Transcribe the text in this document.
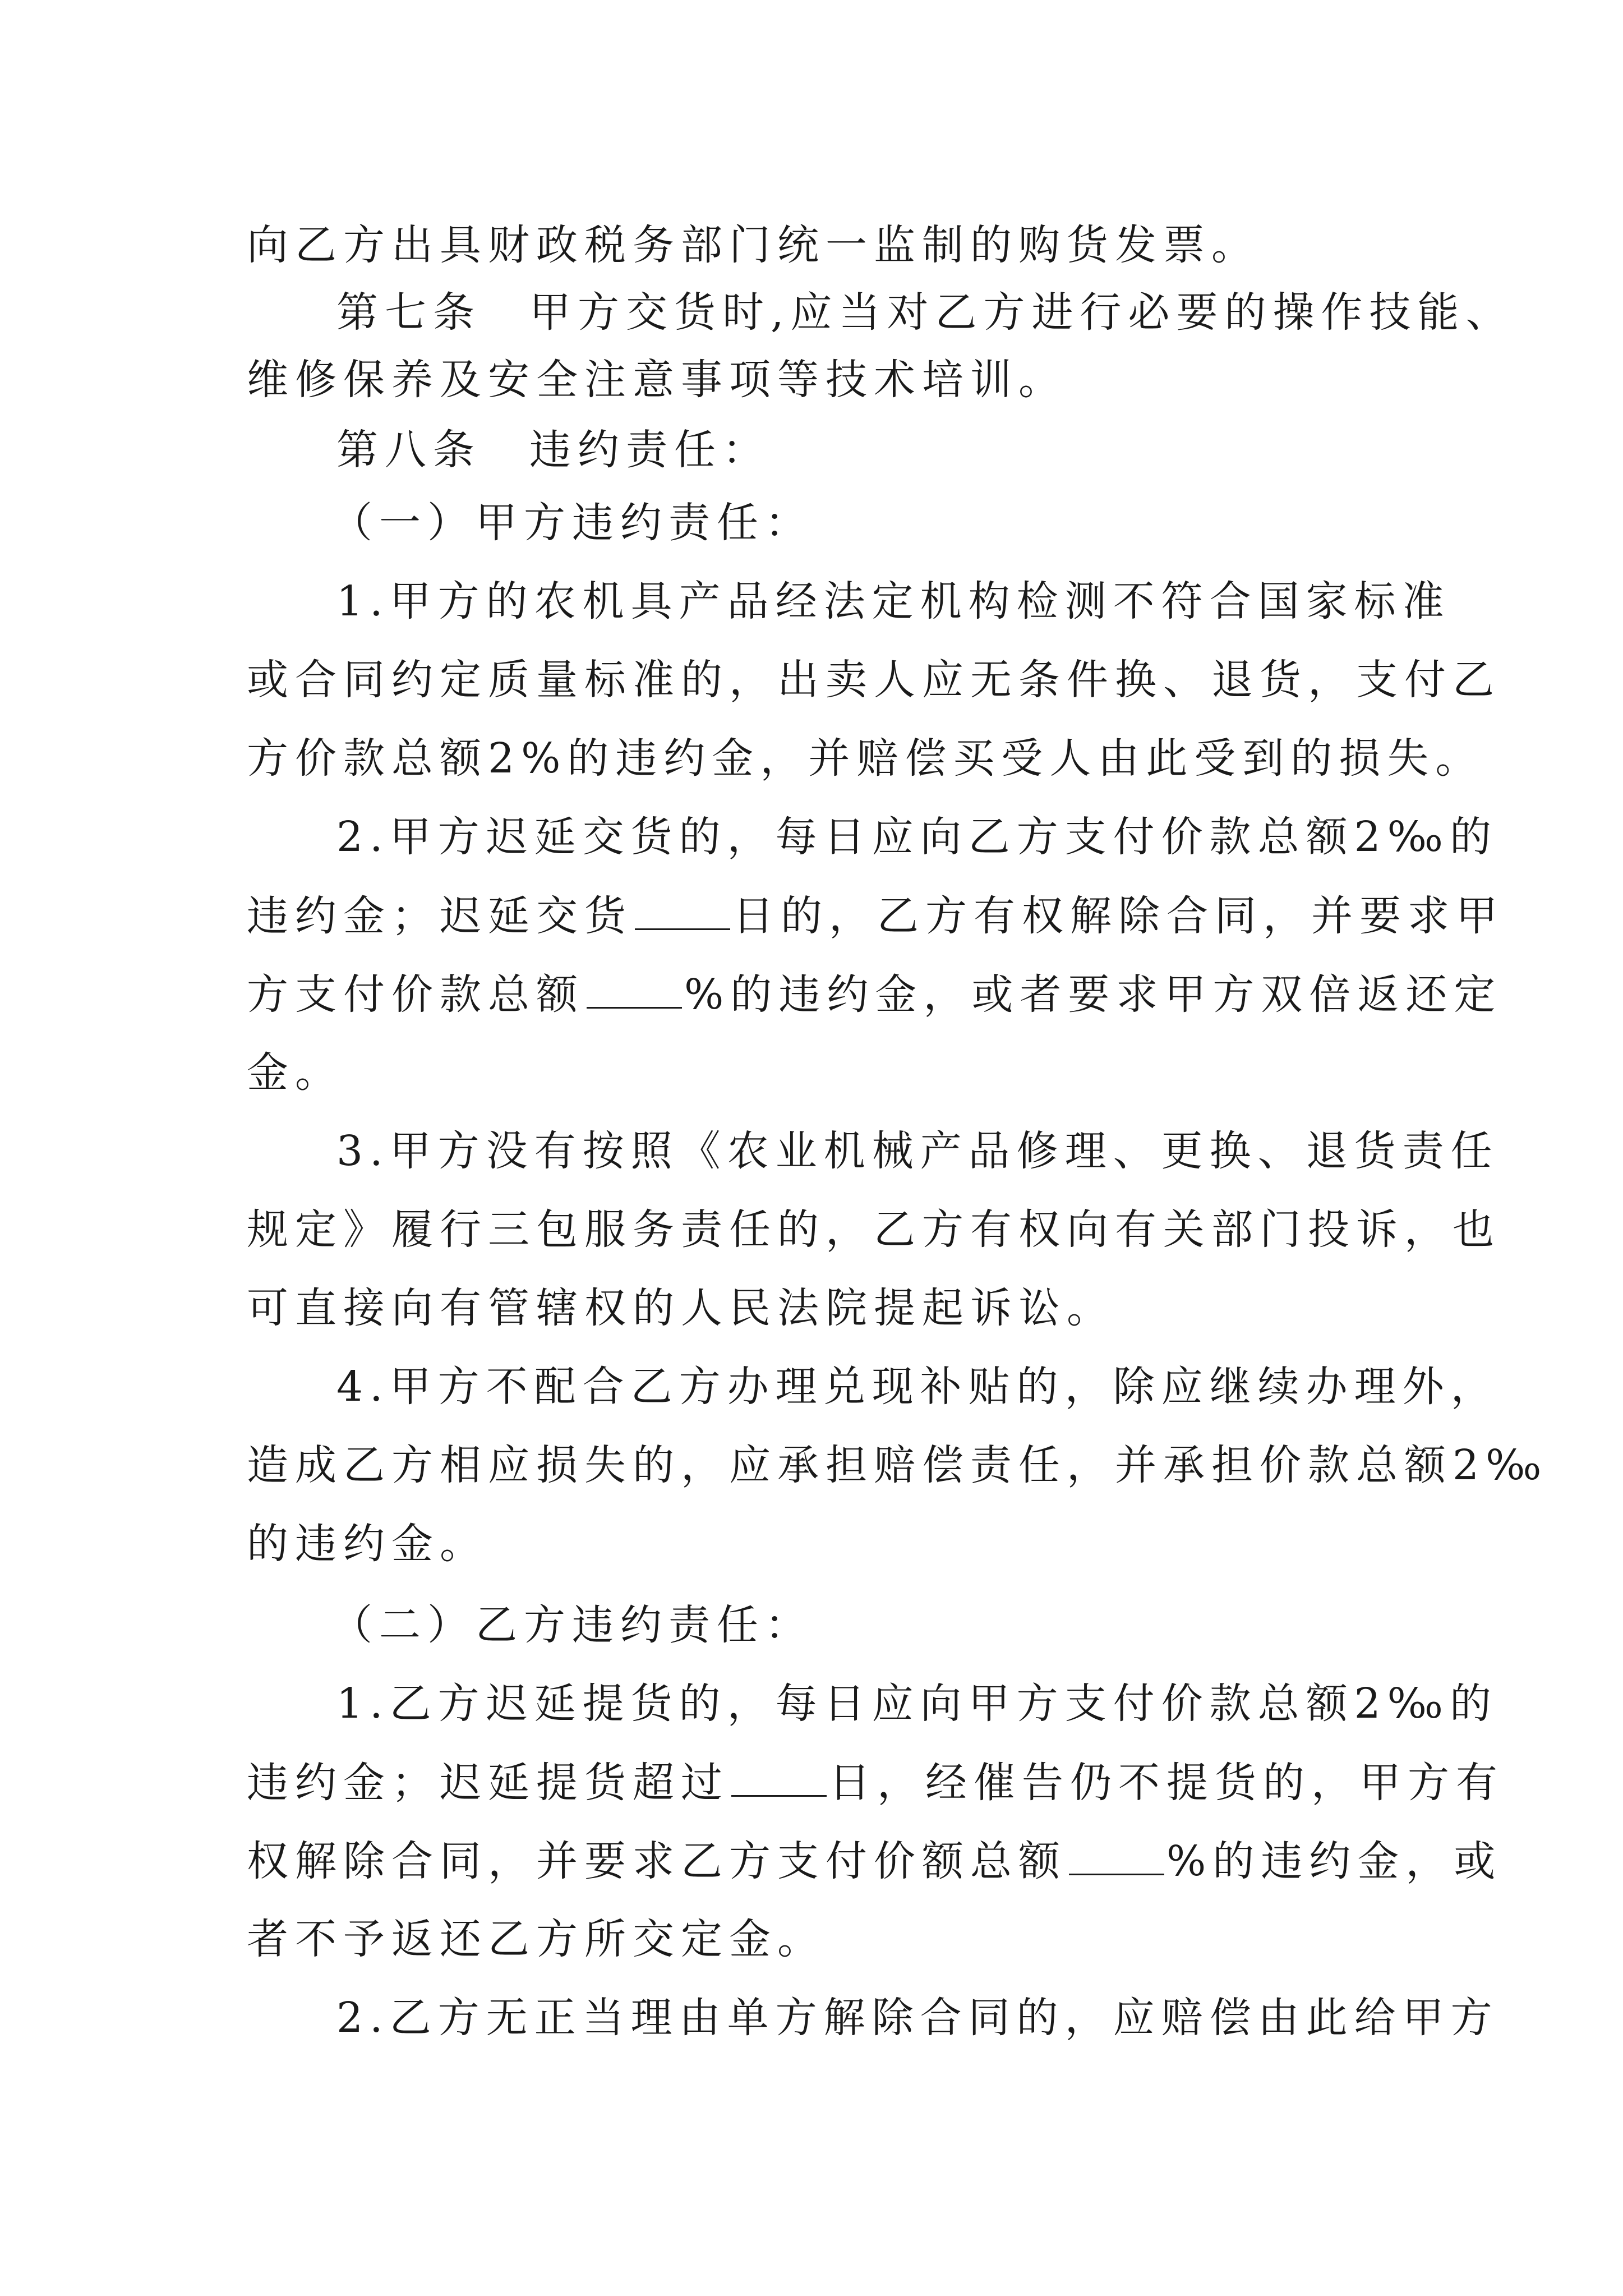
向乙方出具财政税务部门统一监制的购货发票。
第七条　甲方交货时,应当对乙方进行必要的操作技能、
维修保养及安全注意事项等技术培训。
第八条　违约责任：
（一）甲方违约责任：
1.甲方的农机具产品经法定机构检测不符合国家标准
或合同约定质量标准的，出卖人应无条件换、退货，支付乙
方价款总额2%的违约金，并赔偿买受人由此受到的损失。
2.甲方迟延交货的，每日应向乙方支付价款总额2‰的
违约金；迟延交货 日的，乙方有权解除合同，并要求甲
方支付价款总额 %的违约金，或者要求甲方双倍返还定
金。
3.甲方没有按照《农业机械产品修理、更换、退货责任
规定》履行三包服务责任的，乙方有权向有关部门投诉，也
可直接向有管辖权的人民法院提起诉讼。
4.甲方不配合乙方办理兑现补贴的，除应继续办理外，
造成乙方相应损失的，应承担赔偿责任，并承担价款总额2‰
的违约金。
（二）乙方违约责任：
1.乙方迟延提货的，每日应向甲方支付价款总额2‰的
违约金；迟延提货超过 日，经催告仍不提货的，甲方有
权解除合同，并要求乙方支付价额总额 %的违约金，或
者不予返还乙方所交定金。
2.乙方无正当理由单方解除合同的，应赔偿由此给甲方
